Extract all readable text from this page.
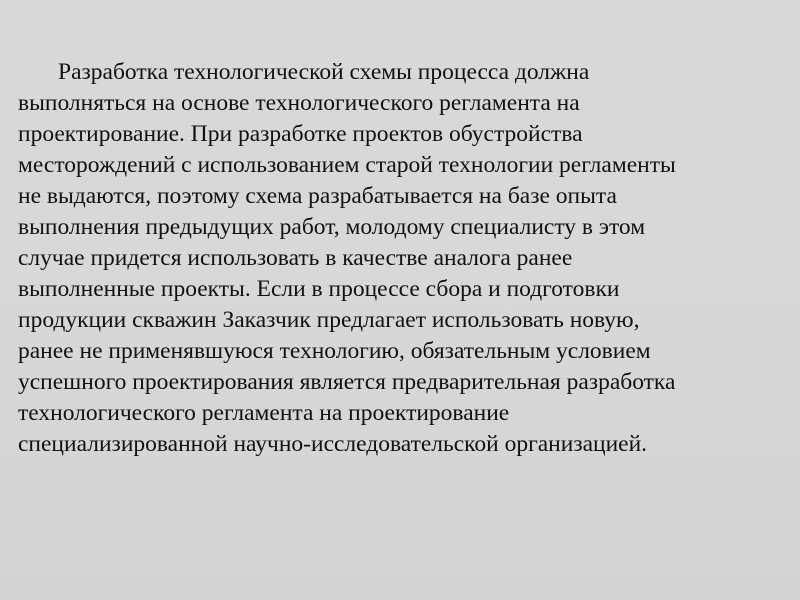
Разработка технологической схемы процесса должна
выполняться на основе технологического регламента на
проектирование. При разработке проектов обустройства
месторождений с использованием старой технологии регламенты
не выдаются, поэтому схема разрабатывается на базе опыта
выполнения предыдущих работ, молодому специалисту в этом
случае придется использовать в качестве аналога ранее
выполненные проекты. Если в процессе сбора и подготовки
продукции скважин Заказчик предлагает использовать новую,
ранее не применявшуюся технологию, обязательным условием
успешного проектирования является предварительная разработка
технологического регламента на проектирование
специализированной научно-исследовательской организацией.
